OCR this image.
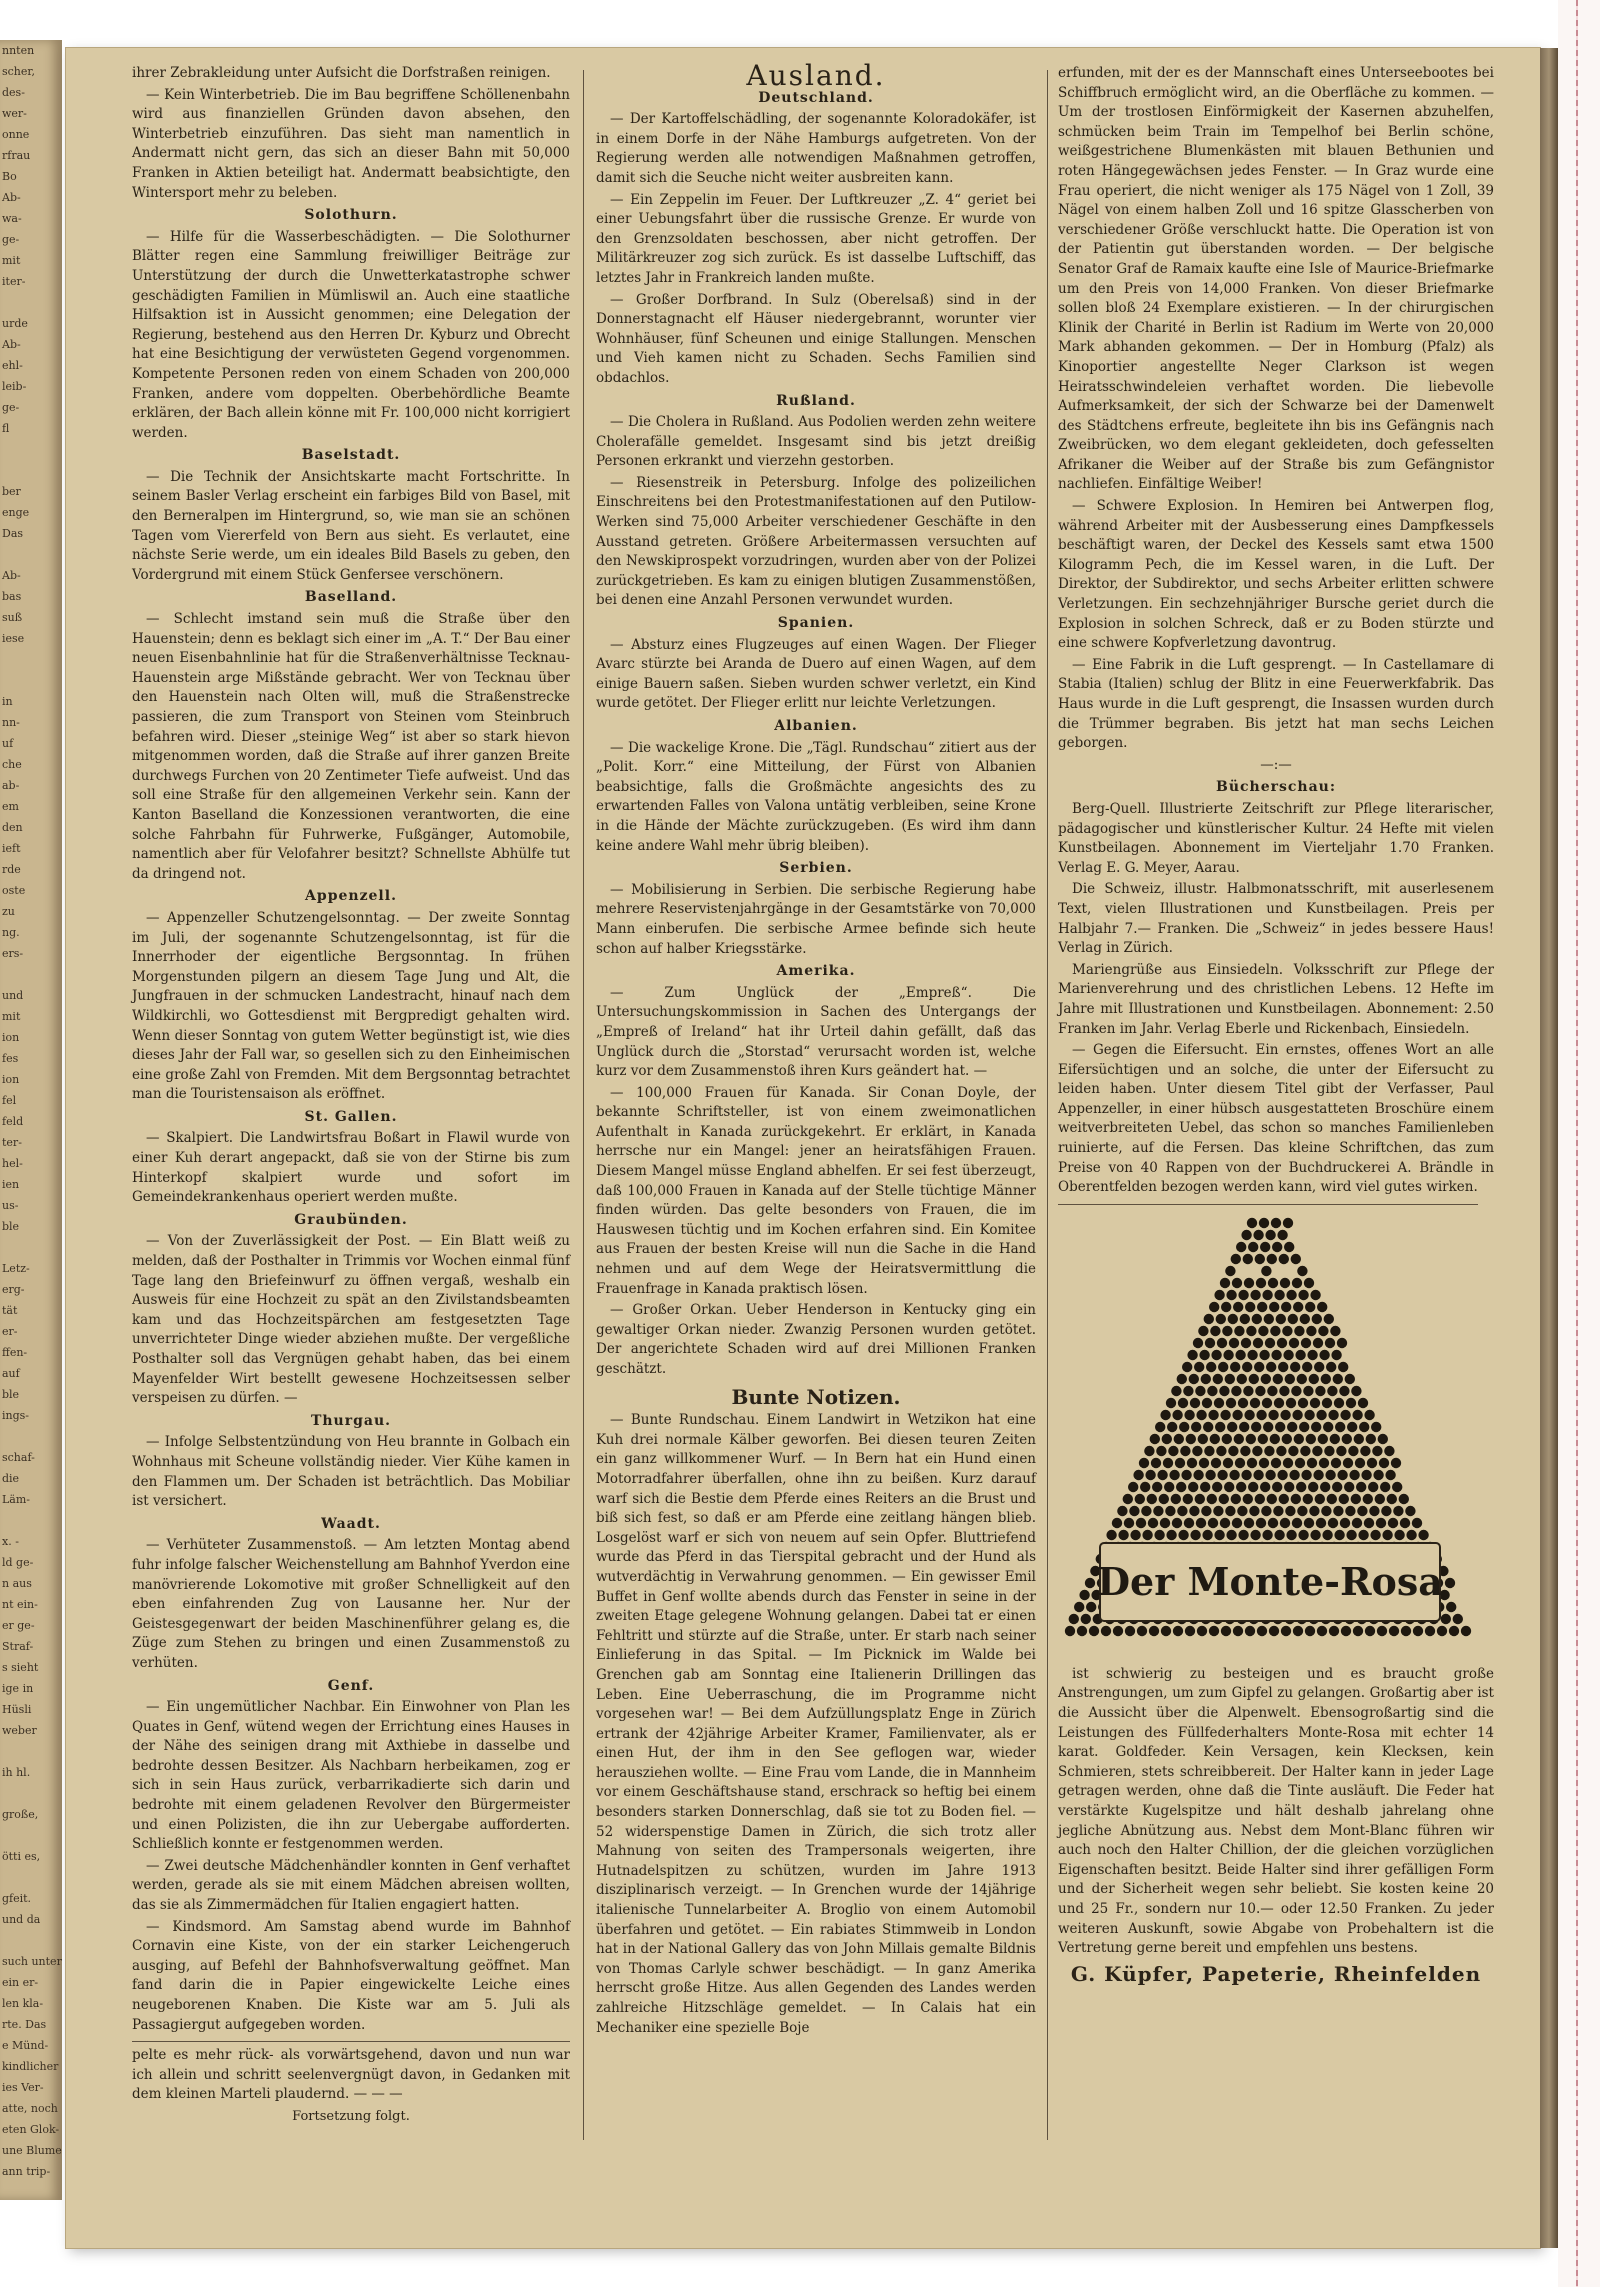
nnten
scher,
des-
wer-
onne
rfrau
Bo
Ab-
wa-
ge-
mit
iter-

urde
Ab-
ehl-
leib-
ge-
fl

ber
enge
Das

Ab-
bas
suß
iese

in
nn-
uf
che
ab-
em
den
ieft
rde
oste
zu
ng.
ers-

und
mit
ion
fes
ion
fel
feld
ter-
hel-
ien
us-
ble

Letz-
erg-
tät
er-
ffen-
auf
ble
ings-

schaf-
die
Läm-

x. -
ld ge-
n aus
nt ein-
er ge-
Straf-
s sieht
ige in
Hüsli
weber

ih hl.

große,

ötti es,

gfeit.
und da

such unter
ein er-
len kla-
rte. Das
e Münd-
kindlicher
ies Ver-
atte, noch
eten Glok-
une Blume
ann trip-

ihrer Zebrakleidung unter Aufsicht die Dorfstraßen reinigen.

— Kein Winterbetrieb. Die im Bau begriffene Schöllenenbahn wird aus finanziellen Gründen davon absehen, den Winterbetrieb einzuführen. Das sieht man namentlich in Andermatt nicht gern, das sich an dieser Bahn mit 50,000 Franken in Aktien beteiligt hat. Andermatt beabsichtigte, den Wintersport mehr zu beleben.

Solothurn.

— Hilfe für die Wasserbeschädigten. — Die Solothurner Blätter regen eine Sammlung freiwilliger Beiträge zur Unterstützung der durch die Unwetterkatastrophe schwer geschädigten Familien in Mümliswil an. Auch eine staatliche Hilfsaktion ist in Aussicht genommen; eine Delegation der Regierung, bestehend aus den Herren Dr. Kyburz und Obrecht hat eine Besichtigung der verwüsteten Gegend vorgenommen. Kompetente Personen reden von einem Schaden von 200,000 Franken, andere vom doppelten. Oberbehördliche Beamte erklären, der Bach allein könne mit Fr. 100,000 nicht korrigiert werden.

Baselstadt.

— Die Technik der Ansichtskarte macht Fortschritte. In seinem Basler Verlag erscheint ein farbiges Bild von Basel, mit den Berneralpen im Hintergrund, so, wie man sie an schönen Tagen vom Viererfeld von Bern aus sieht. Es verlautet, eine nächste Serie werde, um ein ideales Bild Basels zu geben, den Vordergrund mit einem Stück Genferseе verschönern.

Baselland.

— Schlecht imstand sein muß die Straße über den Hauenstein; denn es beklagt sich einer im „A. T.“ Der Bau einer neuen Eisenbahnlinie hat für die Straßenverhältnisse Tecknau-Hauenstein arge Mißstände gebracht. Wer von Tecknau über den Hauenstein nach Olten will, muß die Straßenstrecke passieren, die zum Transport von Steinen vom Steinbruch befahren wird. Dieser „steinige Weg“ ist aber so stark hievon mitgenommen worden, daß die Straße auf ihrer ganzen Breite durchwegs Furchen von 20 Zentimeter Tiefe aufweist. Und das soll eine Straße für den allgemeinen Verkehr sein. Kann der Kanton Baselland die Konzessionen verantworten, die eine solche Fahrbahn für Fuhrwerke, Fußgänger, Automobile, namentlich aber für Velofahrer besitzt? Schnellste Abhülfe tut da dringend not.

Appenzell.

— Appenzeller Schutzengelsonntag. — Der zweite Sonntag im Juli, der sogenannte Schutzengelsonntag, ist für die Innerrhoder der eigentliche Bergsonntag. In frühen Morgenstunden pilgern an diesem Tage Jung und Alt, die Jungfrauen in der schmucken Landestracht, hinauf nach dem Wildkirchli, wo Gottesdienst mit Bergpredigt gehalten wird. Wenn dieser Sonntag von gutem Wetter begünstigt ist, wie dies dieses Jahr der Fall war, so gesellen sich zu den Einheimischen eine große Zahl von Fremden. Mit dem Bergsonntag betrachtet man die Touristensaison als eröffnet.

St. Gallen.

— Skalpiert. Die Landwirtsfrau Boßart in Flawil wurde von einer Kuh derart angepackt, daß sie von der Stirne bis zum Hinterkopf skalpiert wurde und sofort im Gemeindekrankenhaus operiert werden mußte.

Graubünden.

— Von der Zuverlässigkeit der Post. — Ein Blatt weiß zu melden, daß der Posthalter in Trimmis vor Wochen einmal fünf Tage lang den Briefeinwurf zu öffnen vergaß, weshalb ein Ausweis für eine Hochzeit zu spät an den Zivilstandsbeamten kam und das Hochzeitspärchen am festgesetzten Tage unverrichteter Dinge wieder abziehen mußte. Der vergeßliche Posthalter soll das Vergnügen gehabt haben, das bei einem Mayenfelder Wirt bestellt gewesene Hochzeitsessen selber verspeisen zu dürfen. —

Thurgau.

— Infolge Selbstentzündung von Heu brannte in Golbach ein Wohnhaus mit Scheune vollständig nieder. Vier Kühe kamen in den Flammen um. Der Schaden ist beträchtlich. Das Mobiliar ist versichert.

Waadt.

— Verhüteter Zusammenstoß. — Am letzten Montag abend fuhr infolge falscher Weichenstellung am Bahnhof Yverdon eine manövrierende Lokomotive mit großer Schnelligkeit auf den eben einfahrenden Zug von Lausanne her. Nur der Geistesgegenwart der beiden Maschinenführer gelang es, die Züge zum Stehen zu bringen und einen Zusammenstoß zu verhüten.

Genf.

— Ein ungemütlicher Nachbar. Ein Einwohner von Plan les Quates in Genf, wütend wegen der Errichtung eines Hauses in der Nähe des seinigen drang mit Axthiebe in dasselbe und bedrohte dessen Besitzer. Als Nachbarn herbeikamen, zog er sich in sein Haus zurück, verbarrikadierte sich darin und bedrohte mit einem geladenen Revolver den Bürgermeister und einen Polizisten, die ihn zur Uebergabe aufforderten. Schließlich konnte er festgenommen werden.

— Zwei deutsche Mädchenhändler konnten in Genf verhaftet werden, gerade als sie mit einem Mädchen abreisen wollten, das sie als Zimmermädchen für Italien engagiert hatten.

— Kindsmord. Am Samstag abend wurde im Bahnhof Cornavin eine Kiste, von der ein starker Leichengeruch ausging, auf Befehl der Bahnhofsverwaltung geöffnet. Man fand darin die in Papier eingewickelte Leiche eines neugeborenen Knaben. Die Kiste war am 5. Juli als Passagiergut aufgegeben worden.

pelte es mehr rück- als vorwärtsgehend, davon und nun war ich allein und schritt seelenvergnügt davon, in Gedanken mit dem kleinen Marteli plaudernd. — — —

Fortsetzung folgt.
Ausland.
Deutschland.

— Der Kartoffelschädling, der sogenannte Koloradokäfer, ist in einem Dorfe in der Nähe Hamburgs aufgetreten. Von der Regierung werden alle notwendigen Maßnahmen getroffen, damit sich die Seuche nicht weiter ausbreiten kann.

— Ein Zeppelin im Feuer. Der Luftkreuzer „Z. 4“ geriet bei einer Uebungsfahrt über die russische Grenze. Er wurde von den Grenzsoldaten beschossen, aber nicht getroffen. Der Militärkreuzer zog sich zurück. Es ist dasselbe Luftschiff, das letztes Jahr in Frankreich landen mußte.

— Großer Dorfbrand. In Sulz (Oberelsaß) sind in der Donnerstagnacht elf Häuser niedergebrannt, worunter vier Wohnhäuser, fünf Scheunen und einige Stallungen. Menschen und Vieh kamen nicht zu Schaden. Sechs Familien sind obdachlos.

Rußland.

— Die Cholera in Rußland. Aus Podolien werden zehn weitere Cholerafälle gemeldet. Insgesamt sind bis jetzt dreißig Personen erkrankt und vierzehn gestorben.

— Riesenstreik in Petersburg. Infolge des polizeilichen Einschreitens bei den Protestmanifestationen auf den Putilow-Werken sind 75,000 Arbeiter verschiedener Geschäfte in den Ausstand getreten. Größere Arbeitermassen versuchten auf den Newskiprospekt vorzudringen, wurden aber von der Polizei zurückgetrieben. Es kam zu einigen blutigen Zusammenstößen, bei denen eine Anzahl Personen verwundet wurden.

Spanien.

— Absturz eines Flugzeuges auf einen Wagen. Der Flieger Avarc stürzte bei Aranda de Duero auf einen Wagen, auf dem einige Bauern saßen. Sieben wurden schwer verletzt, ein Kind wurde getötet. Der Flieger erlitt nur leichte Verletzungen.

Albanien.

— Die wackelige Krone. Die „Tägl. Rundschau“ zitiert aus der „Polit. Korr.“ eine Mitteilung, der Fürst von Albanien beabsichtige, falls die Großmächte angesichts des zu erwartenden Falles von Valona untätig verbleiben, seine Krone in die Hände der Mächte zurückzugeben. (Es wird ihm dann keine andere Wahl mehr übrig bleiben).

Serbien.

— Mobilisierung in Serbien. Die serbische Regierung habe mehrere Reservistenjahrgänge in der Gesamtstärke von 70,000 Mann einberufen. Die serbische Armee befinde sich heute schon auf halber Kriegsstärke.

Amerika.

— Zum Unglück der „Empreß“. Die Untersuchungskommission in Sachen des Untergangs der „Empreß of Ireland“ hat ihr Urteil dahin gefällt, daß das Unglück durch die „Storstad“ verursacht worden ist, welche kurz vor dem Zusammenstoß ihren Kurs geändert hat. —

— 100,000 Frauen für Kanada. Sir Conan Doyle, der bekannte Schriftsteller, ist von einem zweimonatlichen Aufenthalt in Kanada zurückgekehrt. Er erklärt, in Kanada herrsche nur ein Mangel: jener an heiratsfähigen Frauen. Diesem Mangel müsse England abhelfen. Er sei fest überzeugt, daß 100,000 Frauen in Kanada auf der Stelle tüchtige Männer finden würden. Das gelte besonders von Frauen, die im Hauswesen tüchtig und im Kochen erfahren sind. Ein Komitee aus Frauen der besten Kreise will nun die Sache in die Hand nehmen und auf dem Wege der Heiratsvermittlung die Frauenfrage in Kanada praktisch lösen.

— Großer Orkan. Ueber Henderson in Kentucky ging ein gewaltiger Orkan nieder. Zwanzig Personen wurden getötet. Der angerichtete Schaden wird auf drei Millionen Franken geschätzt.

Bunte Notizen.

— Bunte Rundschau. Einem Landwirt in Wetzikon hat eine Kuh drei normale Kälber geworfen. Bei diesen teuren Zeiten ein ganz willkommener Wurf. — In Bern hat ein Hund einen Motorradfahrer überfallen, ohne ihn zu beißen. Kurz darauf warf sich die Bestie dem Pferde eines Reiters an die Brust und biß sich fest, so daß er am Pferde eine zeitlang hängen blieb. Losgelöst warf er sich von neuem auf sein Opfer. Bluttriefend wurde das Pferd in das Tierspital gebracht und der Hund als wutverdächtig in Verwahrung genommen. — Ein gewisser Emil Buffet in Genf wollte abends durch das Fenster in seine in der zweiten Etage gelegene Wohnung gelangen. Dabei tat er einen Fehltritt und stürzte auf die Straße, unter. Er starb nach seiner Einlieferung in das Spital. — Im Picknick im Walde bei Grenchen gab am Sonntag eine Italienerin Drillingen das Leben. Eine Ueberraschung, die im Programme nicht vorgesehen war! — Bei dem Aufzüllungsplatz Enge in Zürich ertrank der 42jährige Arbeiter Kramer, Familienvater, als er einen Hut, der ihm in den See geflogen war, wieder herausziehen wollte. — Eine Frau vom Lande, die in Mannheim vor einem Geschäftshause stand, erschrack so heftig bei einem besonders starken Donnerschlag, daß sie tot zu Boden fiel. — 52 widerspenstige Damen in Zürich, die sich trotz aller Mahnung von seiten des Trampersonals weigerten, ihre Hutnadelspitzen zu schützen, wurden im Jahre 1913 disziplinarisch verzeigt. — In Grenchen wurde der 14jährige italienische Tunnelarbeiter A. Broglio von einem Automobil überfahren und getötet. — Ein rabiates Stimmweib in London hat in der National Gallery das von John Millais gemalte Bildnis von Thomas Carlyle schwer beschädigt. — In ganz Amerika herrscht große Hitze. Aus allen Gegenden des Landes werden zahlreiche Hitzschläge gemeldet. — In Calais hat ein Mechaniker eine spezielle Boje

erfunden, mit der es der Mannschaft eines Unterseebootes bei Schiffbruch ermöglicht wird, an die Oberfläche zu kommen. — Um der trostlosen Einförmigkeit der Kasernen abzuhelfen, schmücken beim Train im Tempelhof bei Berlin schöne, weißgestrichene Blumenkästen mit blauen Bethunien und roten Hängegewächsen jedes Fenster. — In Graz wurde eine Frau operiert, die nicht weniger als 175 Nägel von 1 Zoll, 39 Nägel von einem halben Zoll und 16 spitze Glasscherben von verschiedener Größe verschluckt hatte. Die Operation ist von der Patientin gut überstanden worden. — Der belgische Senator Graf de Ramaix kaufte eine Isle of Maurice-Briefmarke um den Preis von 14,000 Franken. Von dieser Briefmarke sollen bloß 24 Exemplare existieren. — In der chirurgischen Klinik der Charité in Berlin ist Radium im Werte von 20,000 Mark abhanden gekommen. — Der in Homburg (Pfalz) als Kinoportier angestellte Neger Clarkson ist wegen Heiratsschwindeleien verhaftet worden. Die liebevolle Aufmerksamkeit, der sich der Schwarze bei der Damenwelt des Städtchens erfreute, begleitete ihn bis ins Gefängnis nach Zweibrücken, wo dem elegant gekleideten, doch gefesselten Afrikaner die Weiber auf der Straße bis zum Gefängnistor nachliefen. Einfältige Weiber!

— Schwere Explosion. In Hemiren bei Antwerpen flog, während Arbeiter mit der Ausbesserung eines Dampfkessels beschäftigt waren, der Deckel des Kessels samt etwa 1500 Kilogramm Pech, die im Kessel waren, in die Luft. Der Direktor, der Subdirektor, und sechs Arbeiter erlitten schwere Verletzungen. Ein sechzehnjähriger Bursche geriet durch die Explosion in solchen Schreck, daß er zu Boden stürzte und eine schwere Kopfverletzung davontrug.

— Eine Fabrik in die Luft gesprengt. — In Castellamare di Stabia (Italien) schlug der Blitz in eine Feuerwerkfabrik. Das Haus wurde in die Luft gesprengt, die Insassen wurden durch die Trümmer begraben. Bis jetzt hat man sechs Leichen geborgen.

—:—
Bücherschau:

Berg-Quell. Illustrierte Zeitschrift zur Pflege literarischer, pädagogischer und künstlerischer Kultur. 24 Hefte mit vielen Kunstbeilagen. Abonnement im Vierteljahr 1.70 Franken. Verlag E. G. Meyer, Aarau.

Die Schweiz, illustr. Halbmonatsschrift, mit auserlesenem Text, vielen Illustrationen und Kunstbeilagen. Preis per Halbjahr 7.— Franken. Die „Schweiz“ in jedes bessere Haus! Verlag in Zürich.

Mariengrüße aus Einsiedeln. Volksschrift zur Pflege der Marienverehrung und des christlichen Lebens. 12 Hefte im Jahre mit Illustrationen und Kunstbeilagen. Abonnement: 2.50 Franken im Jahr. Verlag Eberle und Rickenbach, Einsiedeln.

— Gegen die Eifersucht. Ein ernstes, offenes Wort an alle Eifersüchtigen und an solche, die unter der Eifersucht zu leiden haben. Unter diesem Titel gibt der Verfasser, Paul Appenzeller, in einer hübsch ausgestatteten Broschüre einem weitverbreiteten Uebel, das schon so manches Familienleben ruinierte, auf die Fersen. Das kleine Schriftchen, das zum Preise von 40 Rappen von der Buchdruckerei A. Brändle in Oberentfelden bezogen werden kann, wird viel gutes wirken.

Der Monte-Rosa

ist schwierig zu besteigen und es braucht große Anstrengungen, um zum Gipfel zu gelangen. Großartig aber ist die Aussicht über die Alpenwelt. Ebensogroßartig sind die Leistungen des Füllfederhalters Monte-Rosa mit echter 14 karat. Goldfeder. Kein Versagen, kein Klecksen, kein Schmieren, stets schreibbereit. Der Halter kann in jeder Lage getragen werden, ohne daß die Tinte ausläuft. Die Feder hat verstärkte Kugelspitze und hält deshalb jahrelang ohne jegliche Abnützung aus. Nebst dem Mont-Blanc führen wir auch noch den Halter Chillion, der die gleichen vorzüglichen Eigenschaften besitzt. Beide Halter sind ihrer gefälligen Form und der Sicherheit wegen sehr beliebt. Sie kosten keine 20 und 25 Fr., sondern nur 10.— oder 12.50 Franken. Zu jeder weiteren Auskunft, sowie Abgabe von Probehaltern ist die Vertretung gerne bereit und empfehlen uns bestens.

G. Küpfer, Papeterie, Rheinfelden
